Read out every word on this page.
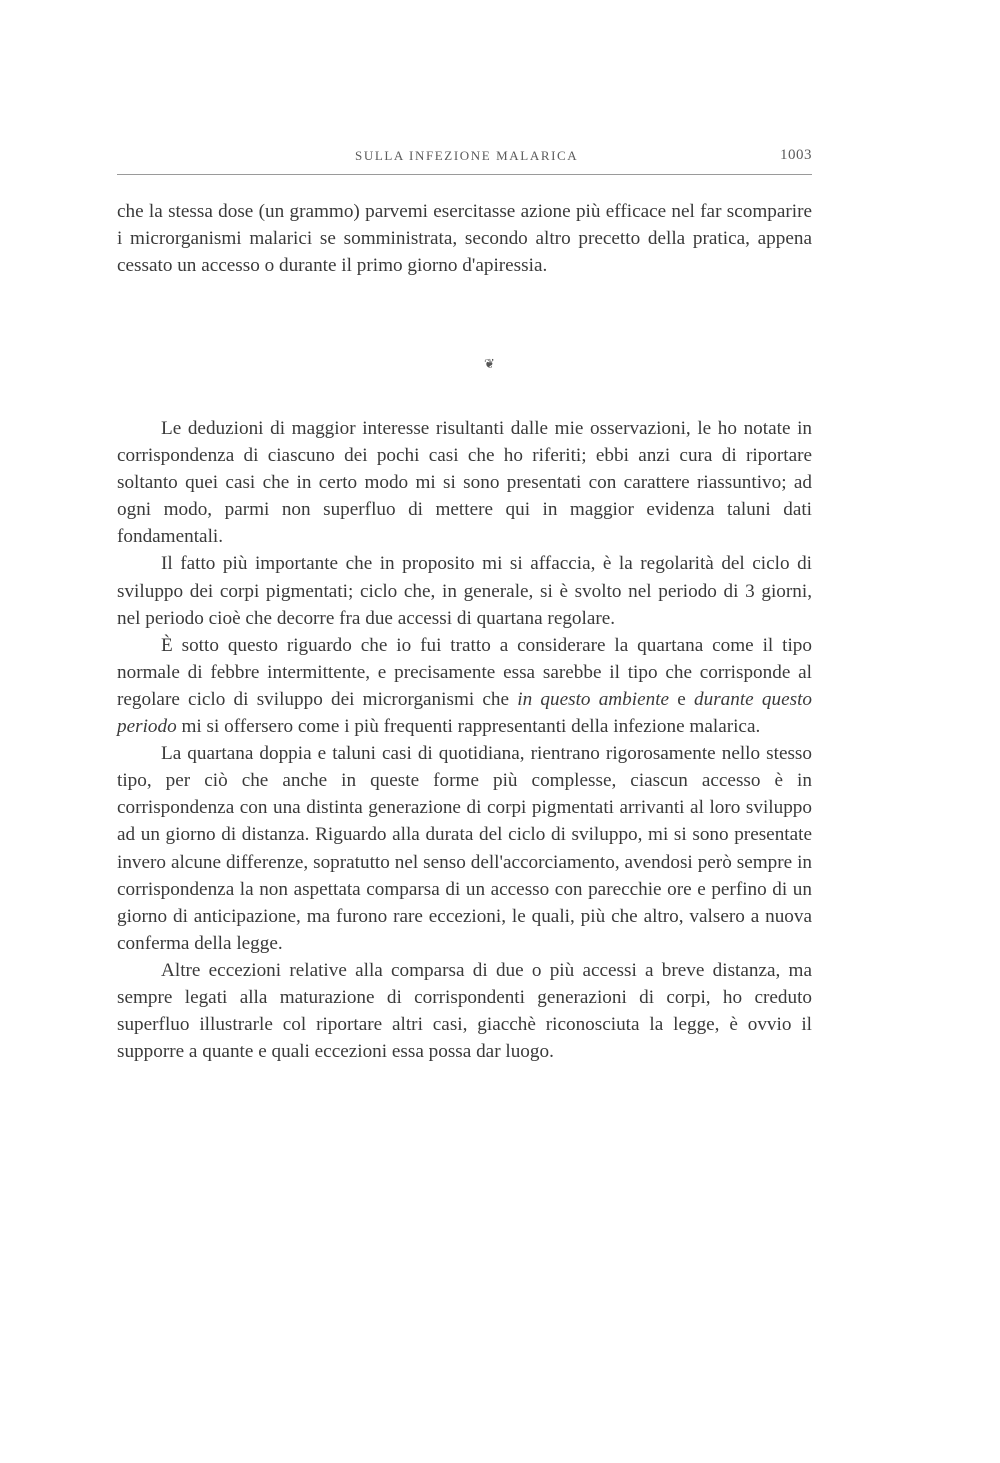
SULLA INFEZIONE MALARICA	1003

che la stessa dose (un grammo) parvemi esercitasse azione più efficace nel far scomparire i microrganismi malarici se somministrata, secondo altro precetto della pratica, appena cessato un accesso o durante il primo giorno d'apiressia.

❦

Le deduzioni di maggior interesse risultanti dalle mie osservazioni, le ho notate in corrispondenza di ciascuno dei pochi casi che ho riferiti; ebbi anzi cura di riportare soltanto quei casi che in certo modo mi si sono presentati con carattere riassuntivo; ad ogni modo, parmi non superfluo di mettere qui in maggior evidenza taluni dati fondamentali.

Il fatto più importante che in proposito mi si affaccia, è la regolarità del ciclo di sviluppo dei corpi pigmentati; ciclo che, in generale, si è svolto nel periodo di 3 giorni, nel periodo cioè che decorre fra due accessi di quartana regolare.

È sotto questo riguardo che io fui tratto a considerare la quartana come il tipo normale di febbre intermittente, e precisamente essa sarebbe il tipo che corrisponde al regolare ciclo di sviluppo dei microrganismi che in questo ambiente e durante questo periodo mi si offersero come i più frequenti rappresentanti della infezione malarica.

La quartana doppia e taluni casi di quotidiana, rientrano rigorosamente nello stesso tipo, per ciò che anche in queste forme più complesse, ciascun accesso è in corrispondenza con una distinta generazione di corpi pigmentati arrivanti al loro sviluppo ad un giorno di distanza. Riguardo alla durata del ciclo di sviluppo, mi si sono presentate invero alcune differenze, sopratutto nel senso dell'accorciamento, avendosi però sempre in corrispondenza la non aspettata comparsa di un accesso con parecchie ore e perfino di un giorno di anticipazione, ma furono rare eccezioni, le quali, più che altro, valsero a nuova conferma della legge.

Altre eccezioni relative alla comparsa di due o più accessi a breve distanza, ma sempre legati alla maturazione di corrispondenti generazioni di corpi, ho creduto superfluo illustrarle col riportare altri casi, giacchè riconosciuta la legge, è ovvio il supporre a quante e quali eccezioni essa possa dar luogo.
